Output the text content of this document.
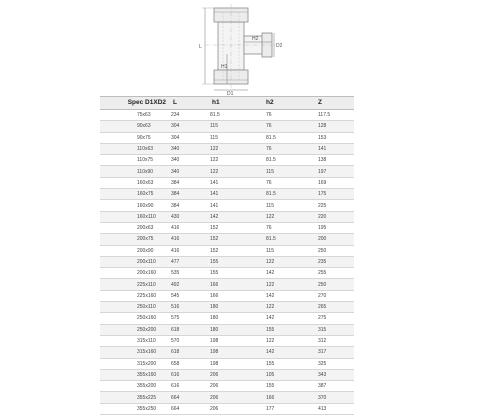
L
H1
H2
D2
D1
Spec D1XD2	L	h1	h2	Z
75x63	234	81.5	76	117.5
90x63	304	115	76	128
90x75	304	115	81.5	153
110x63	340	122	76	141
110x75	340	122	81.5	138
110x90	340	122	115	197
160x63	384	141	76	169
160x75	384	141	81.5	175
160x90	384	141	115	225
160x110	430	142	122	220
200x63	416	152	76	195
200x75	416	152	81.5	200
200x90	416	152	115	250
200x110	477	155	122	235
200x160	535	155	142	255
225x110	492	166	122	250
225x160	545	166	142	270
250x110	516	180	122	265
250x160	575	180	142	275
250x200	618	180	155	315
315x110	570	198	122	312
315x160	618	198	142	317
315x200	658	198	155	325
355x160	616	206	105	343
355x200	616	206	155	387
355x225	664	206	166	370
355x250	664	206	177	413
